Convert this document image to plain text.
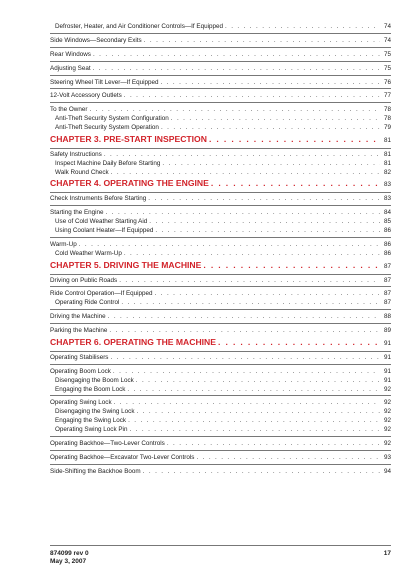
Defroster, Heater, and Air Conditioner Controls—If Equipped . . .	74
Side Windows—Secondary Exits . . .	74
Rear Windows . . .	75
Adjusting Seat . . .	75
Steering Wheel Tilt Lever—If Equipped . . .	76
12-Volt Accessory Outlets . . .	77
To the Owner . . .	78
Anti-Theft Security System Configuration . . .	78
Anti-Theft Security System Operation . . .	79
CHAPTER 3. PRE-START INSPECTION . . .	81
Safety Instructions . . .	81
Inspect Machine Daily Before Starting . . .	81
Walk Round Check . . .	82
CHAPTER 4. OPERATING THE ENGINE . . .	83
Check Instruments Before Starting . . .	83
Starting the Engine . . .	84
Use of Cold Weather Starting Aid . . .	85
Using Coolant Heater—If Equipped . . .	86
Warm-Up . . .	86
Cold Weather Warm-Up . . .	86
CHAPTER 5. DRIVING THE MACHINE . . .	87
Driving on Public Roads . . .	87
Ride Control Operation—If Equipped . . .	87
Operating Ride Control . . .	87
Driving the Machine . . .	88
Parking the Machine . . .	89
CHAPTER 6. OPERATING THE MACHINE . . .	91
Operating Stabilisers . . .	91
Operating Boom Lock . . .	91
Disengaging the Boom Lock . . .	91
Engaging the Boom Lock . . .	92
Operating Swing Lock . . .	92
Disengaging the Swing Lock . . .	92
Engaging the Swing Lock . . .	92
Operating Swing Lock Pin . . .	92
Operating Backhoe—Two-Lever Controls . . .	92
Operating Backhoe—Excavator Two-Lever Controls . . .	93
Side-Shifting the Backhoe Boom . . .	94
874099 rev 0
May 3, 2007
17
